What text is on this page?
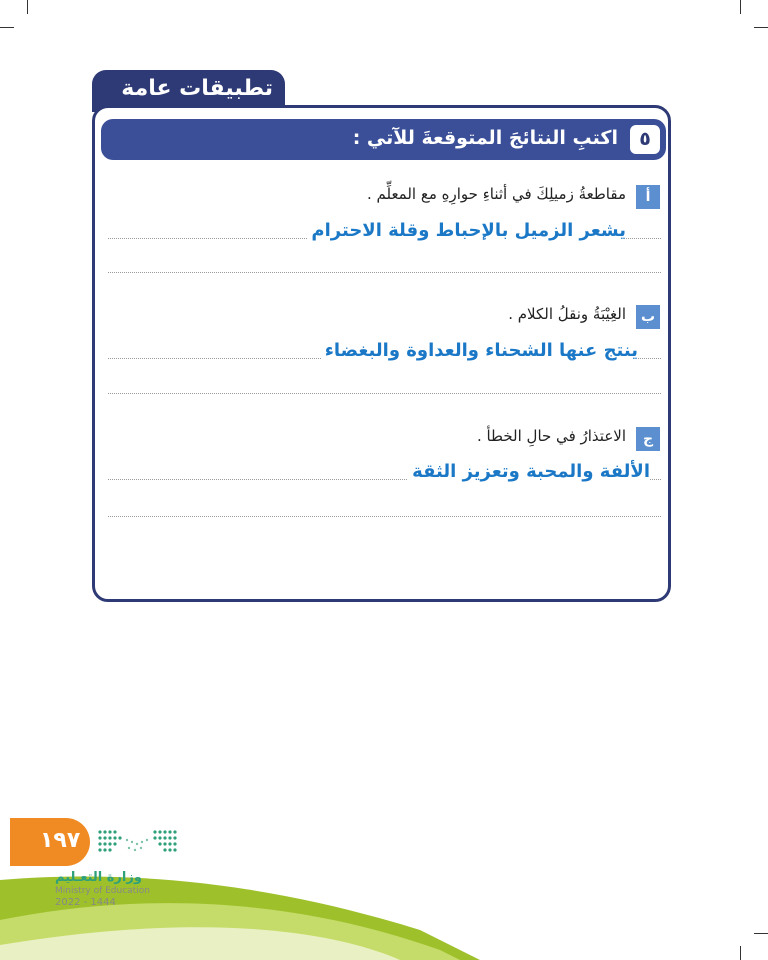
تطبيقات عامة
٥
اكتبِ النتائجَ المتوقعةَ للآتي :
أ
مقاطعةُ زميلِكَ في أثناءِ حوارِهِ مع المعلِّم .
يشعر الزميل بالإحباط وقلة الاحترام
ب
الغِيْبَةُ ونقلُ الكلام .
ينتج عنها الشحناء والعداوة والبغضاء
ج
الاعتذارُ في حالِ الخطأ .
الألفة والمحبة وتعزيز الثقة
١٩٧
وزارة التعـليم
Ministry of Education
2022 - 1444
